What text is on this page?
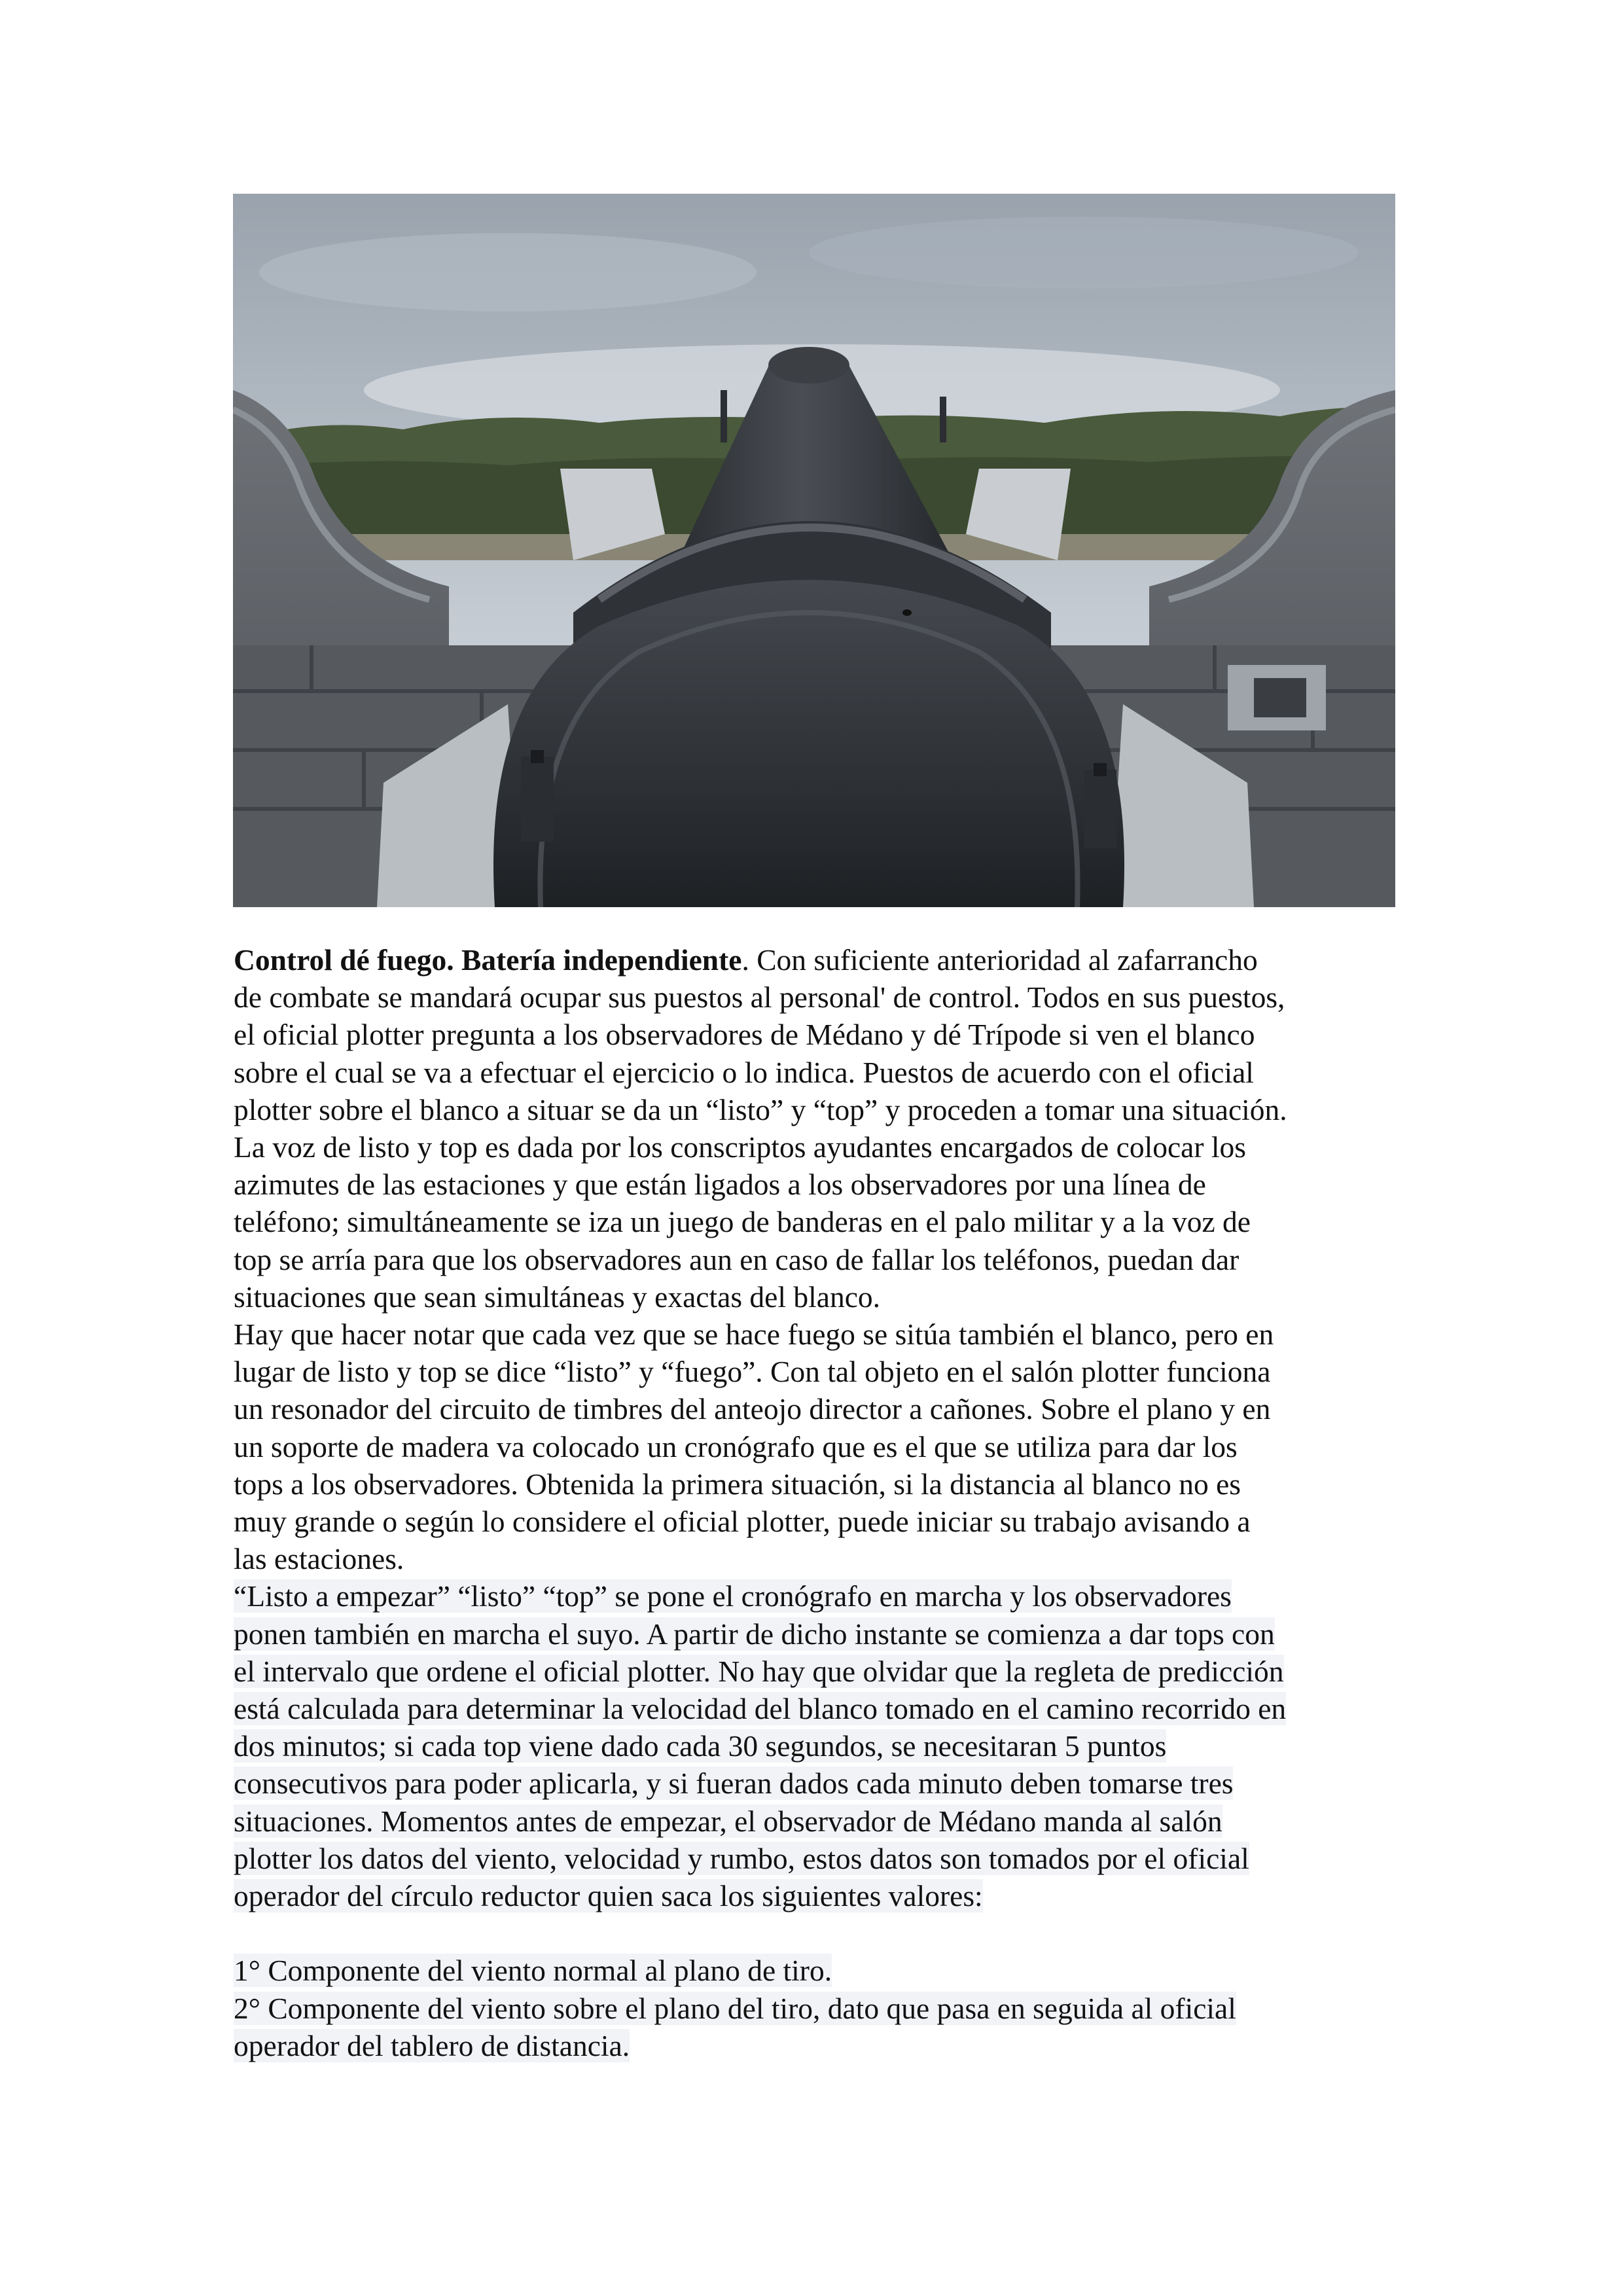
Control dé fuego. Batería independiente. Con suficiente anterioridad al zafarrancho
de combate se mandará ocupar sus puestos al personal' de control. Todos en sus puestos,
el oficial plotter pregunta a los observadores de Médano y dé Trípode si ven el blanco
sobre el cual se va a efectuar el ejercicio o lo indica. Puestos de acuerdo con el oficial
plotter sobre el blanco a situar se da un “listo” y “top” y proceden a tomar una situación.
La voz de listo y top es dada por los conscriptos ayudantes encargados de colocar los
azimutes de las estaciones y que están ligados a los observadores por una línea de
teléfono; simultáneamente se iza un juego de banderas en el palo militar y a la voz de
top se arría para que los observadores aun en caso de fallar los teléfonos, puedan dar
situaciones que sean simultáneas y exactas del blanco.
Hay que hacer notar que cada vez que se hace fuego se sitúa también el blanco, pero en
lugar de listo y top se dice “listo” y “fuego”. Con tal objeto en el salón plotter funciona
un resonador del circuito de timbres del anteojo director a cañones. Sobre el plano y en
un soporte de madera va colocado un cronógrafo que es el que se utiliza para dar los
tops a los observadores. Obtenida la primera situación, si la distancia al blanco no es
muy grande o según lo considere el oficial plotter, puede iniciar su trabajo avisando a
las estaciones.
“Listo a empezar” “listo” “top” se pone el cronógrafo en marcha y los observadores
ponen también en marcha el suyo. A partir de dicho instante se comienza a dar tops con
el intervalo que ordene el oficial plotter. No hay que olvidar que la regleta de predicción
está calculada para determinar la velocidad del blanco tomado en el camino recorrido en
dos minutos; si cada top viene dado cada 30 segundos, se necesitaran 5 puntos
consecutivos para poder aplicarla, y si fueran dados cada minuto deben tomarse tres
situaciones. Momentos antes de empezar, el observador de Médano manda al salón
plotter los datos del viento, velocidad y rumbo, estos datos son tomados por el oficial
operador del círculo reductor quien saca los siguientes valores:
1° Componente del viento normal al plano de tiro.
2° Componente del viento sobre el plano del tiro, dato que pasa en seguida al oficial
operador del tablero de distancia.
